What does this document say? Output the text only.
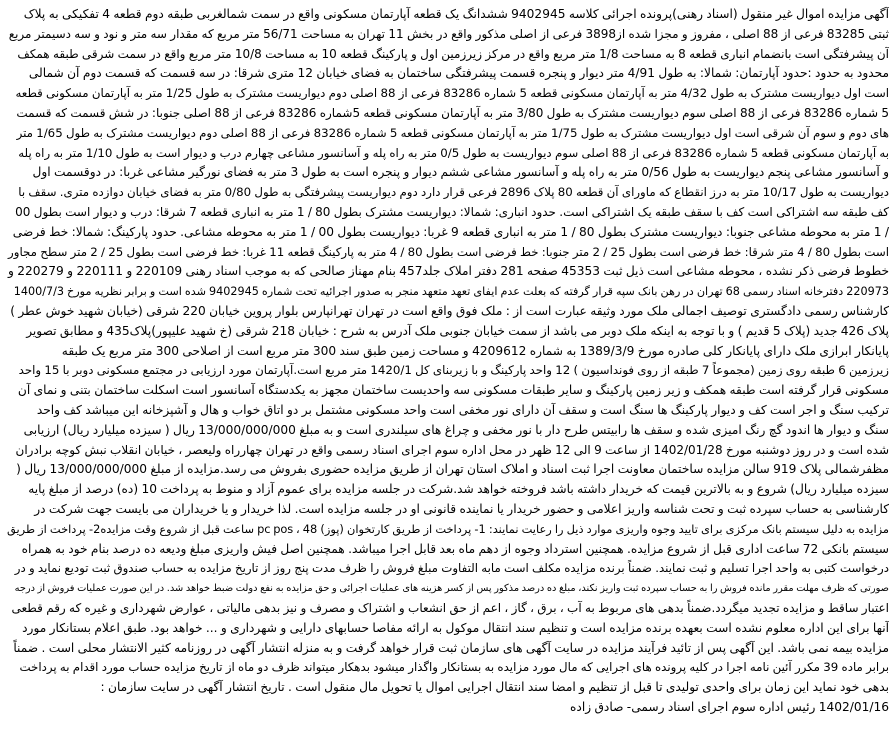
آگهی مزایده اموال غیر منقول (اسناد رهنی)پرونده اجرائی کلاسه 9402945 ششدانگ یک قطعه آپارتمان مسکونی واقع در سمت شمالغربی طبقه دوم قطعه 4 تفکیکی به پلاک
ثبتی 83285 فرعی از 88 اصلی ، مفروز و مجزا شده از3898 فرعی از اصلی مذکور واقع در بخش 11 تهران به مساحت 56/71 متر مربع که مقدار سه متر و نود و سه دسیمتر مربع
آن پیشرفتگی است بانضمام انباری قطعه 8 به مساحت 1/8 متر مربع واقع در مرکز زیرزمین اول و پارکینگ قطعه 10 به مساحت 10/8 متر مربع واقع در سمت شرقی طبقه همکف
محدود به حدود :حدود آپارتمان: شمالا: به طول 4/91 متر دیوار و پنجره قسمت پیشرفتگی ساختمان به فضای خیابان 12 متری شرقا: در سه قسمت که قسمت دوم آن شمالی
است اول دیواریست مشترک به طول 4/32 متر به آپارتمان مسکونی قطعه 5 شماره 83286 فرعی از 88 اصلی دوم دیواریست مشترک به طول 1/25 متر به آپارتمان مسکونی قطعه
5 شماره 83286 فرعی از 88 اصلی سوم دیواریست مشترک به طول 3/80 متر به آپارتمان مسکونی قطعه 5شماره 83286 فرعی از 88 اصلی جنوبا: در شش قسمت که قسمت
های دوم و سوم آن شرقی است اول دیواریست مشترک به طول 1/75 متر به آپارتمان مسکونی قطعه 5 شماره 83286 فرعی از 88 اصلی دوم دیواریست مشترک به طول 1/65 متر
به آپارتمان مسکونی قطعه 5 شماره 83286 فرعی از 88 اصلی سوم دیواریست به طول 0/5 متر به راه پله و آسانسور مشاعی چهارم درب و دیوار است به طول 1/10 متر به راه پله
و آسانسور مشاعی پنجم دیواریست به طول 0/56 متر به راه پله و آسانسور مشاعی ششم دیوار و پنجره است به طول 3 متر به فضای نورگیر مشاعی غربا: در دوقسمت اول
دیواریست به طول 10/17 متر به درز انقطاع که ماورای آن قطعه 80 پلاک 2896 فرعی قرار دارد دوم دیواریست پیشرفتگی به طول 0/80 متر به فضای خیابان دوازده متری. سقف با
کف طبقه سه اشتراکی است کف با سقف طبقه یک اشتراکی است. حدود انباری: شمالا: دیواریست مشترک بطول 80 / 1 متر به انباری قطعه 7 شرقا: درب و دیوار است بطول 00
/ 1 متر به محوطه مشاعی جنوبا: دیواریست مشترک بطول 80 / 1 متر به انباری قطعه 9 غربا: دیواریست بطول 00 / 1 متر به محوطه مشاعی. حدود پارکینگ: شمالا: خط فرضی
است بطول 80 / 4 متر شرقا: خط فرضی است بطول 25 / 2 متر جنوبا: خط فرضی است بطول 80 / 4 متر به پارکینگ قطعه 11 غربا: خط فرضی است بطول 25 / 2 متر سطح مجاور
خطوط فرضی ذکر نشده ، محوطه مشاعی است ذیل ثبت 45353 صفحه 281 دفتر املاک جلد457 بنام مهناز صالحی که به موجب اسناد رهنی 220109 و 220111 و 220279 و
220973 دفترخانه اسناد رسمی 68 تهران در رهن بانک سپه قرار گرفته که بعلت عدم ایفای تعهد متعهد منجر به صدور اجرائیه تحت شماره 9402945 شده است و برابر نظریه مورخ 1400/7/3
کارشناس رسمی دادگستری توصیف اجمالی ملک مورد وثیقه عبارت است از : ملک فوق واقع است در تهران تهرانپارس بلوار پروین خیابان 220 شرقی (خیابان شهید خوش عطر )
پلاک 426 جدید (پلاک 5 قدیم ) و با توجه به اینکه ملک دوبر می باشد از سمت خیابان جنوبی ملک آدرس به شرح : خیابان 218 شرقی (خ شهید علیپور)پلاک435 و مطابق تصویر
پایانکار ابرازی ملک دارای پایانکار کلی صادره مورخ 1389/3/9 به شماره 4209612 و مساحت زمین طبق سند 300 متر مربع است از اصلاحی 300 متر مربع یک طبقه
زیرزمین 6 طبقه روی زمین (مجموعاً 7 طبقه از روی فونداسیون ) 12 واحد پارکینگ و با زیربنای کل 1420/1 متر مربع است.آپارتمان مورد ارزیابی در مجتمع مسکونی دوبر با 15 واحد
مسکونی قرار گرفته است طبقه همکف و زیر زمین پارکینگ و سایر طبقات مسکونی سه واحدیست ساختمان مجهز به یکدستگاه آسانسور است اسکلت ساختمان بتنی و نمای آن
ترکیب سنگ و اجر است کف و دیوار پارکینگ ها سنگ است و سقف آن دارای نور مخفی است واحد مسکونی مشتمل بر دو اتاق خواب و هال و آشپزخانه این میباشد کف واحد
سنگ و دیوار ها اندود گچ رنگ امیزی شده و سقف ها رابیتس طرح دار با نور مخفی و چراغ های سیلندری است و به مبلغ 13/000/000/000 ریال ( سیزده میلیارد ریال) ارزیابی
شده است و در روز دوشنبه مورخ 1402/01/28 از ساعت 9 الی 12 ظهر در محل اداره سوم اجرای اسناد رسمی واقع در تهران چهارراه ولیعصر ، خیابان انقلاب نبش کوچه برادران
مظفرشمالی پلاک 919 سالن مزایده ساختمان معاونت اجرا ثبت اسناد و املاک استان تهران از طریق مزایده حضوری بفروش می رسد.مزایده از مبلغ 13/000/000/000 ریال (
سیزده میلیارد ریال) شروع و به بالاترین قیمت که خریدار داشته باشد فروخته خواهد شد.شرکت در جلسه مزایده برای عموم آزاد و منوط به پرداخت 10 (ده) درصد از مبلغ پایه
کارشناسی به حساب سپرده ثبت و تحت شناسه واریز اعلامی و حضور خریدار یا نماینده قانونی او در جلسه مزایده است. لذا خریدار و یا خریداران می بایست جهت شرکت در
مزایده به دلیل سیستم بانک مرکزی برای تایید وجوه واریزی موارد ذیل را رعایت نمایند: 1- پرداخت از طریق کارتخوان (پوز) pc pos ، 48 ساعت قبل از شروع وقت مزایده2- پرداخت از طریق
سیستم بانکی 72 ساعت اداری قبل از شروع مزایده. همچنین استرداد وجوه از دهم ماه بعد قابل اجرا میباشد. همچنین اصل فیش واریزی مبلغ ودیعه ده درصد بنام خود به همراه
درخواست کتبی به واحد اجرا تسلیم و ثبت نمایند. ضمناً برنده مزایده مکلف است مابه التفاوت مبلغ فروش را ظرف مدت پنج روز از تاریخ مزایده به حساب صندوق ثبت تودیع نماید و در
صورتی که ظرف مهلت مقرر مانده فروش را به حساب سپرده ثبت واریز نکند، مبلغ ده درصد مذکور پس از کسر هزینه های عملیات اجرائی و حق مزایده به نفع دولت ضبط خواهد شد. در این صورت عملیات فروش از درجه
اعتبار ساقط و مزایده تجدید میگردد.ضمناً بدهی های مربوط به آب ، برق ، گاز ، اعم از حق انشعاب و اشتراک و مصرف و نیز بدهی مالیاتی ، عوارض شهرداری و غیره که رقم قطعی
آنها برای این اداره معلوم نشده است بعهده برنده مزایده است و تنظیم سند انتقال موکول به ارائه مفاصا حسابهای دارایی و شهرداری و ... خواهد بود. طبق اعلام بستانکار مورد
مزایده بیمه نمی باشد. این آگهی پس از تائید فرآیند مزایده در سایت آگهی های سازمان ثبت قرار خواهد گرفت و به منزله انتشار آگهی در روزنامه کثیر الانتشار محلی است . ضمناً
برابر ماده 39 مکرر آئین نامه اجرا در کلیه پرونده های اجرایی که مال مورد مزایده به بستانکار واگذار میشود بدهکار میتواند ظرف دو ماه از تاریخ مزایده حساب مورد اقدام به پرداخت
بدهی خود نماید این زمان برای واحدی تولیدی تا قبل از تنظیم و امضا سند انتقال اجرایی اموال یا تحویل مال منقول است . تاریخ انتشار آگهی در سایت سازمان :
1402/01/16 رئیس اداره سوم اجرای اسناد رسمی- صادق زاده
